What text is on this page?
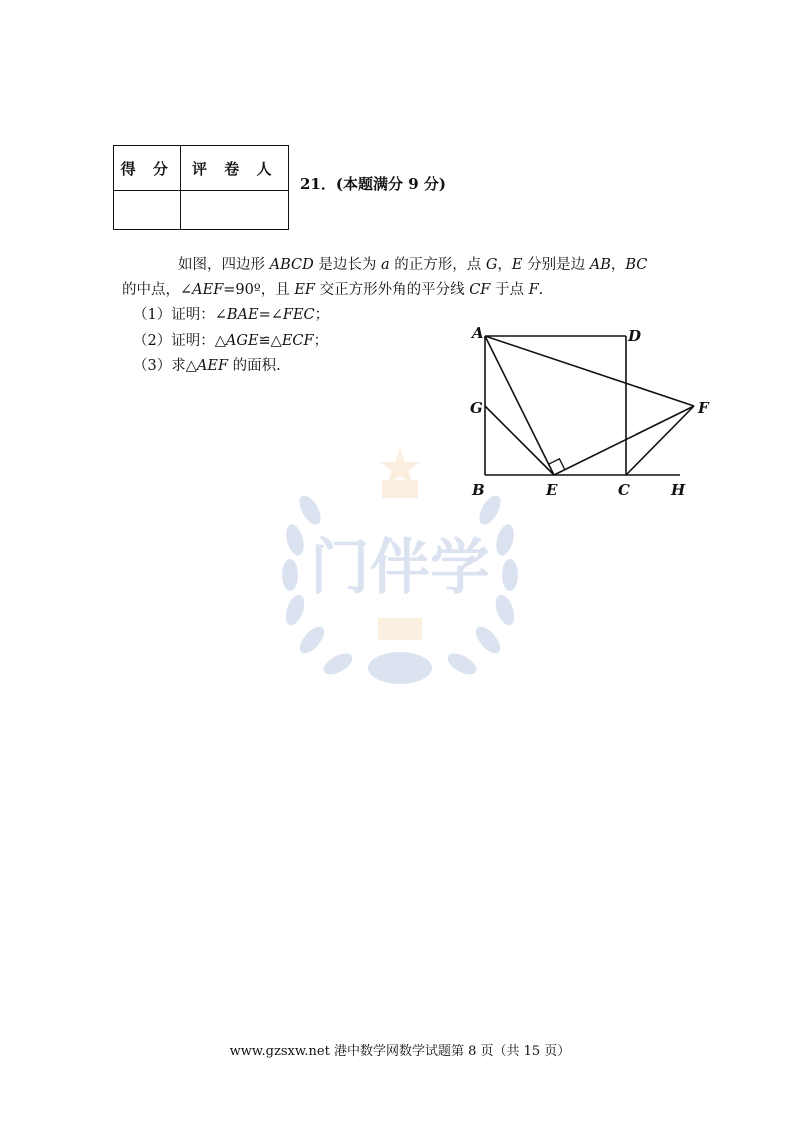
得 分	评 卷 人

21．(本题满分 9 分)
如图，四边形 ABCD 是边长为 a 的正方形，点 G，E 分别是边 AB，BC
的中点，∠AEF=90º，且 EF 交正方形外角的平分线 CF 于点 F.
（1）证明：∠BAE=∠FEC；
（2）证明：△AGE≌△ECF；
（3）求△AEF 的面积.
A	D
G	F
B	E	C	H
门伴学
www.gzsxw.net 港中数学网数学试题第 8 页（共 15 页）
